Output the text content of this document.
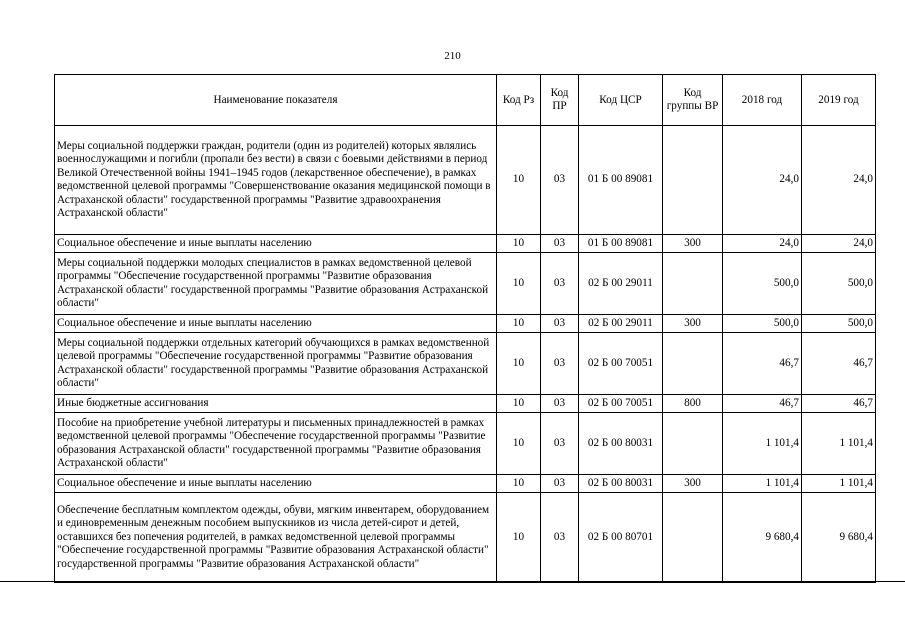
210
Наименование показателя	Код Рз	Код ПР	Код ЦСР	Код группы ВР	2018 год	2019 год
Меры социальной поддержки граждан, родители (один из родителей) которых являлись военнослужащими и погибли (пропали без вести) в связи с боевыми действиями в период Великой Отечественной войны 1941–1945 годов (лекарственное обеспечение), в рамках ведомственной целевой программы "Совершенствование оказания медицинской помощи в Астраханской области" государственной программы "Развитие здравоохранения Астраханской области"	10	03	01 Б 00 89081		24,0	24,0
Социальное обеспечение и иные выплаты населению	10	03	01 Б 00 89081	300	24,0	24,0
Меры социальной поддержки молодых специалистов в рамках ведомственной целевой программы "Обеспечение государственной программы "Развитие образования Астраханской области" государственной программы "Развитие образования Астраханской области"	10	03	02 Б 00 29011		500,0	500,0
Социальное обеспечение и иные выплаты населению	10	03	02 Б 00 29011	300	500,0	500,0
Меры социальной поддержки отдельных категорий обучающихся в рамках ведомственной целевой программы "Обеспечение государственной программы "Развитие образования Астраханской области" государственной программы "Развитие образования Астраханской области"	10	03	02 Б 00 70051		46,7	46,7
Иные бюджетные ассигнования	10	03	02 Б 00 70051	800	46,7	46,7
Пособие на приобретение учебной литературы и письменных принадлежностей в рамках ведомственной целевой программы "Обеспечение государственной программы "Развитие образования Астраханской области" государственной программы "Развитие образования Астраханской области"	10	03	02 Б 00 80031		1 101,4	1 101,4
Социальное обеспечение и иные выплаты населению	10	03	02 Б 00 80031	300	1 101,4	1 101,4
Обеспечение бесплатным комплектом одежды, обуви, мягким инвентарем, оборудованием и единовременным денежным пособием выпускников из числа детей-сирот и детей, оставшихся без попечения родителей, в рамках ведомственной целевой программы "Обеспечение государственной программы "Развитие образования Астраханской области" государственной программы "Развитие образования Астраханской области"	10	03	02 Б 00 80701		9 680,4	9 680,4
